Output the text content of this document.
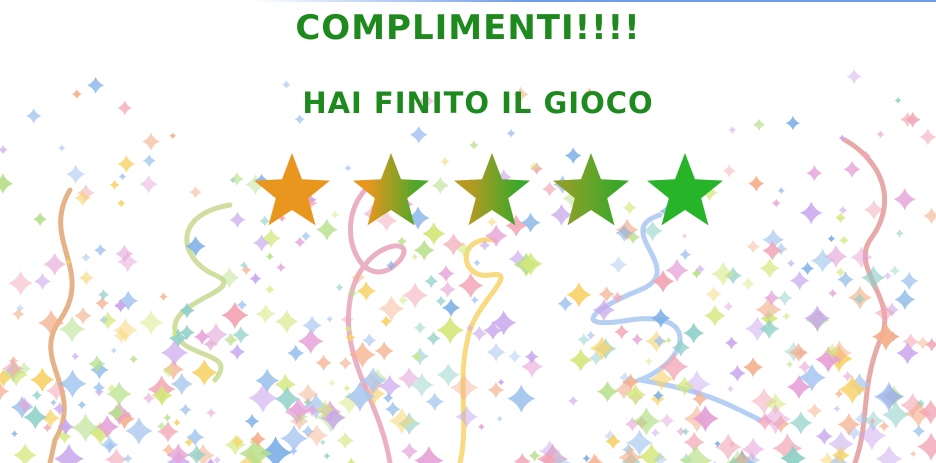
COMPLIMENTI!!!!
HAI FINITO IL GIOCO
